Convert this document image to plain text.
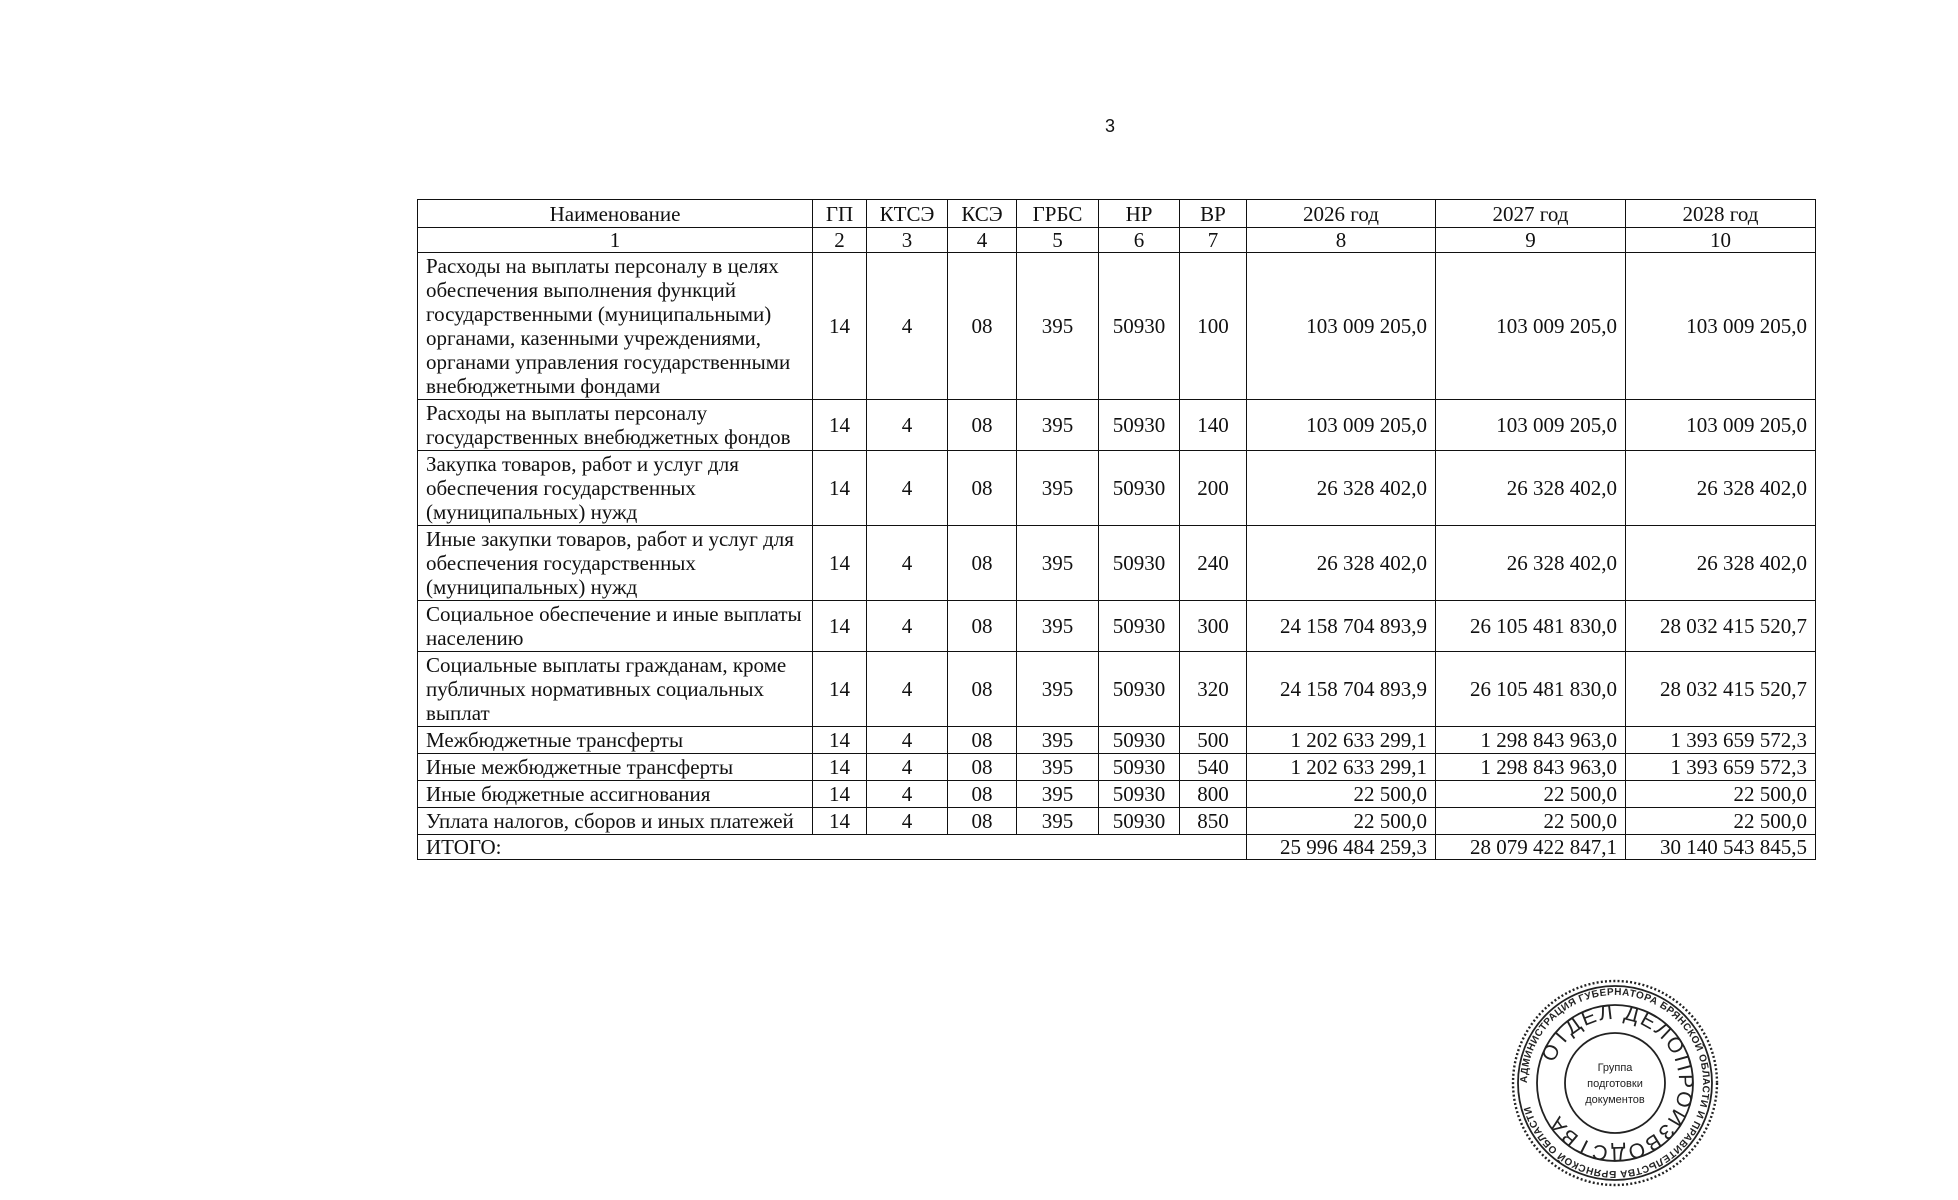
3
Наименование	ГП	КТСЭ	КСЭ	ГРБС	НР	ВР	2026 год	2027 год	2028 год
1	2	3	4	5	6	7	8	9	10
Расходы на выплаты персоналу в целях обеспечения выполнения функций государственными (муниципальными) органами, казенными учреждениями, органами управления государственными внебюджетными фондами	14	4	08	395	50930	100	103 009 205,0	103 009 205,0	103 009 205,0
Расходы на выплаты персоналу государственных внебюджетных фондов	14	4	08	395	50930	140	103 009 205,0	103 009 205,0	103 009 205,0
Закупка товаров, работ и услуг для обеспечения государственных (муниципальных) нужд	14	4	08	395	50930	200	26 328 402,0	26 328 402,0	26 328 402,0
Иные закупки товаров, работ и услуг для обеспечения государственных (муниципальных) нужд	14	4	08	395	50930	240	26 328 402,0	26 328 402,0	26 328 402,0
Социальное обеспечение и иные выплаты населению	14	4	08	395	50930	300	24 158 704 893,9	26 105 481 830,0	28 032 415 520,7
Социальные выплаты гражданам, кроме публичных нормативных социальных выплат	14	4	08	395	50930	320	24 158 704 893,9	26 105 481 830,0	28 032 415 520,7
Межбюджетные трансферты	14	4	08	395	50930	500	1 202 633 299,1	1 298 843 963,0	1 393 659 572,3
Иные межбюджетные трансферты	14	4	08	395	50930	540	1 202 633 299,1	1 298 843 963,0	1 393 659 572,3
Иные бюджетные ассигнования	14	4	08	395	50930	800	22 500,0	22 500,0	22 500,0
Уплата налогов, сборов и иных платежей	14	4	08	395	50930	850	22 500,0	22 500,0	22 500,0
ИТОГО:							25 996 484 259,3	28 079 422 847,1	30 140 543 845,5
АДМИНИСТРАЦИЯ ГУБЕРНАТОРА БРЯНСКОЙ ОБЛАСТИ И ПРАВИТЕЛЬСТВА БРЯНСКОЙ ОБЛАСТИ
ОТДЕЛ ДЕЛОПРОИЗВОДСТВА
Группа
подготовки
документов
